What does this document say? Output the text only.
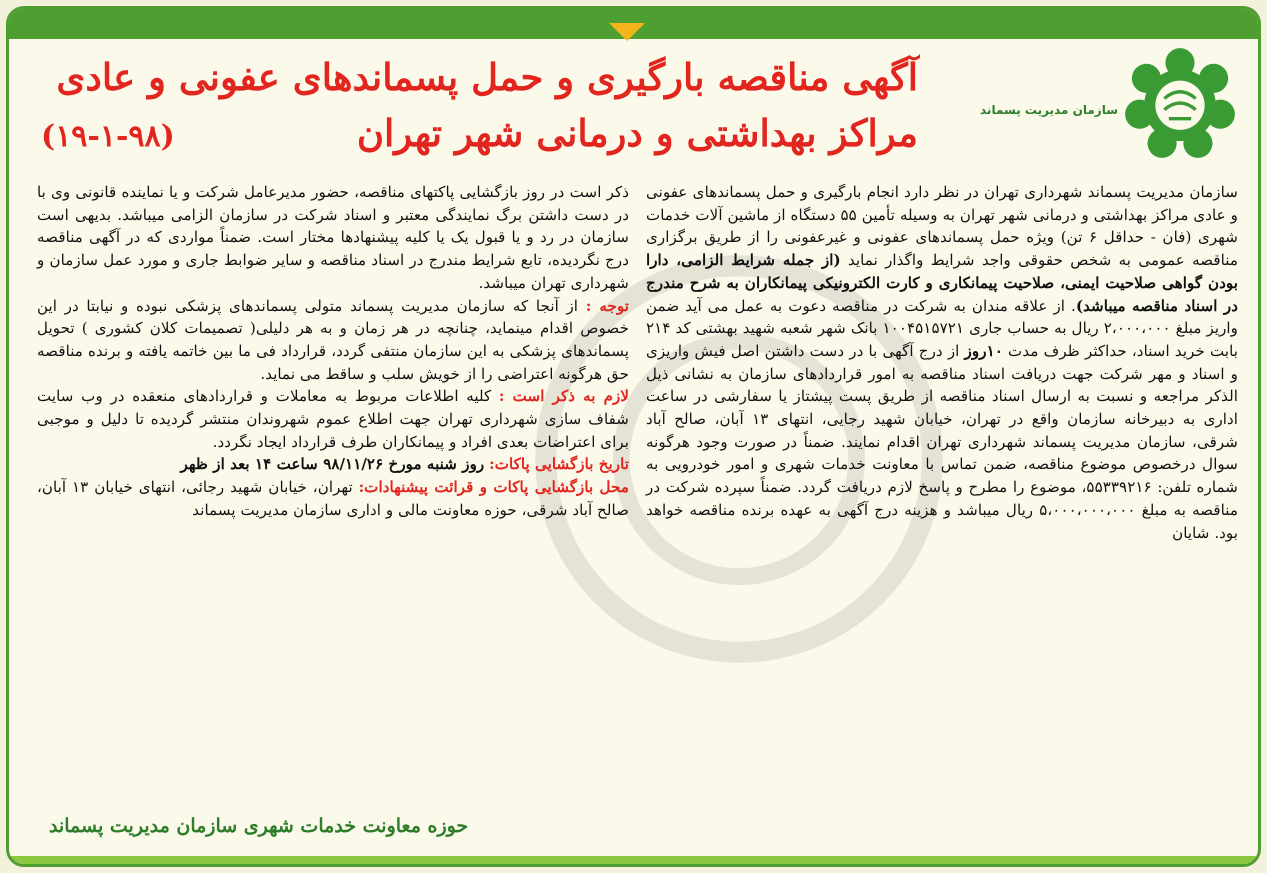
سازمان مدیریت پسماند
آگهی مناقصه بارگیری و حمل پسماندهای عفونی و عادی
مراکز بهداشتی و درمانی شهر تهران
(۱۹-۱-۹۸)

سازمان مدیریت پسماند شهرداری تهران در نظر دارد انجام بارگیری و حمل پسماندهای عفونی و عادی مراکز بهداشتی و درمانی شهر تهران به وسیله تأمین ۵۵ دستگاه از ماشین آلات خدمات شهری (فان - حداقل ۶ تن) ویژه حمل پسماندهای عفونی و غیرعفونی را از طریق برگزاری مناقصه عمومی به شخص حقوقی واجد شرایط واگذار نماید (از جمله شرایط الزامی، دارا بودن گواهی صلاحیت ایمنی، صلاحیت پیمانکاری و کارت الکترونیکی پیمانکاران به شرح مندرج در اسناد مناقصه میباشد). از علاقه مندان به شرکت در مناقصه دعوت به عمل می آید ضمن واریز مبلغ ۲،۰۰۰،۰۰۰ ریال به حساب جاری ۱۰۰۴۵۱۵۷۲۱ بانک شهر شعبه شهید بهشتی کد ۲۱۴ بابت خرید اسناد، حداکثر ظرف مدت ۱۰روز از درج آگهی با در دست داشتن اصل فیش واریزی و اسناد و مهر شرکت جهت دریافت اسناد مناقصه به امور قراردادهای سازمان به نشانی ذیل الذکر مراجعه و نسبت به ارسال اسناد مناقصه از طریق پست پیشتاز یا سفارشی در ساعت اداری به دبیرخانه سازمان واقع در تهران، خیابان شهید رجایی، انتهای ۱۳ آبان، صالح آباد شرقی، سازمان مدیریت پسماند شهرداری تهران اقدام نمایند. ضمناً در صورت وجود هرگونه سوال درخصوص موضوع مناقصه، ضمن تماس با معاونت خدمات شهری و امور خودرویی به شماره تلفن: ۵۵۳۳۹۲۱۶، موضوع را مطرح و پاسخ لازم دریافت گردد. ضمناً سپرده شرکت در مناقصه به مبلغ ۵،۰۰۰،۰۰۰،۰۰۰ ریال میباشد و هزینه درج آگهی به عهده برنده مناقصه خواهد بود. شایان

ذکر است در روز بازگشایی پاکتهای مناقصه، حضور مدیرعامل شرکت و یا نماینده قانونی وی با در دست داشتن برگ نمایندگی معتبر و اسناد شرکت در سازمان الزامی میباشد. بدیهی است سازمان در رد و یا قبول یک یا کلیه پیشنهادها مختار است. ضمناً مواردی که در آگهی مناقصه درج نگردیده، تابع شرایط مندرج در اسناد مناقصه و سایر ضوابط جاری و مورد عمل سازمان و شهرداری تهران میباشد.

توجه : از آنجا که سازمان مدیریت پسماند متولی پسماندهای پزشکی نبوده و نیابتا در این خصوص اقدام مینماید، چنانچه در هر زمان و به هر دلیلی( تصمیمات کلان کشوری ) تحویل پسماندهای پزشکی به این سازمان منتفی گردد، قرارداد فی ما بین خاتمه یافته و برنده مناقصه حق هرگونه اعتراضی را از خویش سلب و ساقط می نماید.

لازم به ذکر است : کلیه اطلاعات مربوط به معاملات و قراردادهای منعقده در وب سایت شفاف سازی شهرداری تهران جهت اطلاع عموم شهروندان منتشر گردیده تا دلیل و موجبی برای اعتراضات بعدی افراد و پیمانکاران طرف قرارداد ایجاد نگردد.

تاریخ بازگشایی پاکات: روز شنبه مورخ ۹۸/۱۱/۲۶ ساعت ۱۴ بعد از ظهر

محل بازگشایی پاکات و قرائت پیشنهادات: تهران، خیابان شهید رجائی، انتهای خیابان ۱۳ آبان، صالح آباد شرقی، حوزه معاونت مالی و اداری سازمان مدیریت پسماند

حوزه معاونت خدمات شهری سازمان مدیریت پسماند
